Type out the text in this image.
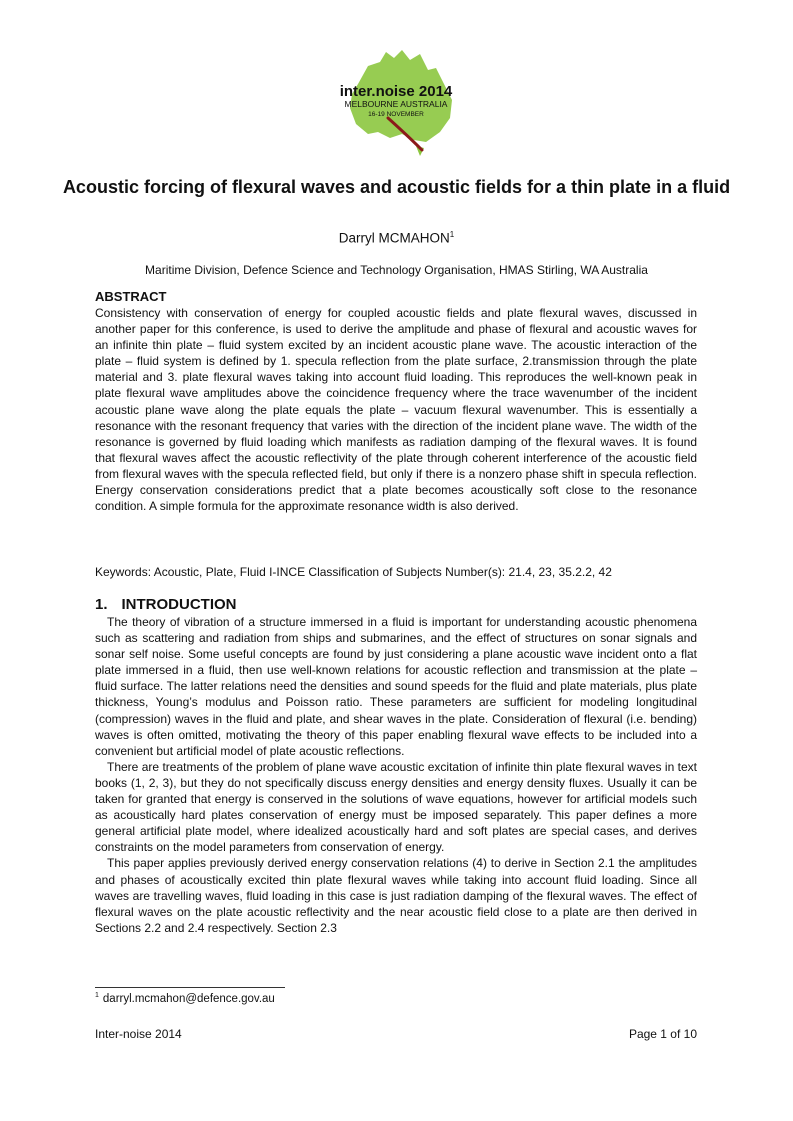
inter.noise 2014
MELBOURNE AUSTRALIA
16-19 NOVEMBER
Acoustic forcing of flexural waves and acoustic fields for a thin plate in a fluid
Darryl MCMAHON$^1$
Maritime Division, Defence Science and Technology Organisation, HMAS Stirling, WA Australia
ABSTRACT

Consistency with conservation of energy for coupled acoustic fields and plate flexural waves, discussed in another paper for this conference, is used to derive the amplitude and phase of flexural and acoustic waves for an infinite thin plate – fluid system excited by an incident acoustic plane wave. The acoustic interaction of the plate – fluid system is defined by 1. specula reflection from the plate surface, 2.transmission through the plate material and 3. plate flexural waves taking into account fluid loading. This reproduces the well-known peak in plate flexural wave amplitudes above the coincidence frequency where the trace wavenumber of the incident acoustic plane wave along the plate equals the plate – vacuum flexural wavenumber. This is essentially a resonance with the resonant frequency that varies with the direction of the incident plane wave. The width of the resonance is governed by fluid loading which manifests as radiation damping of the flexural waves. It is found that flexural waves affect the acoustic reflectivity of the plate through coherent interference of the acoustic field from flexural waves with the specula reflected field, but only if there is a nonzero phase shift in specula reflection. Energy conservation considerations predict that a plate becomes acoustically soft close to the resonance condition. A simple formula for the approximate resonance width is also derived.

Keywords: Acoustic, Plate, Fluid I-INCE Classification of Subjects Number(s): 21.4, 23, 35.2.2, 42
1. INTRODUCTION

The theory of vibration of a structure immersed in a fluid is important for understanding acoustic phenomena such as scattering and radiation from ships and submarines, and the effect of structures on sonar signals and sonar self noise. Some useful concepts are found by just considering a plane acoustic wave incident onto a flat plate immersed in a fluid, then use well-known relations for acoustic reflection and transmission at the plate – fluid surface. The latter relations need the densities and sound speeds for the fluid and plate materials, plus plate thickness, Young’s modulus and Poisson ratio. These parameters are sufficient for modeling longitudinal (compression) waves in the fluid and plate, and shear waves in the plate. Consideration of flexural (i.e. bending) waves is often omitted, motivating the theory of this paper enabling flexural wave effects to be included into a convenient but artificial model of plate acoustic reflections.

There are treatments of the problem of plane wave acoustic excitation of infinite thin plate flexural waves in text books (1, 2, 3), but they do not specifically discuss energy densities and energy density fluxes. Usually it can be taken for granted that energy is conserved in the solutions of wave equations, however for artificial models such as acoustically hard plates conservation of energy must be imposed separately. This paper defines a more general artificial plate model, where idealized acoustically hard and soft plates are special cases, and derives constraints on the model parameters from conservation of energy.

This paper applies previously derived energy conservation relations (4) to derive in Section 2.1 the amplitudes and phases of acoustically excited thin plate flexural waves while taking into account fluid loading. Since all waves are travelling waves, fluid loading in this case is just radiation damping of the flexural waves. The effect of flexural waves on the plate acoustic reflectivity and the near acoustic field close to a plate are then derived in Sections 2.2 and 2.4 respectively. Section 2.3

$^1$ darryl.mcmahon@defence.gov.au
Inter-noise 2014	Page 1 of 10
